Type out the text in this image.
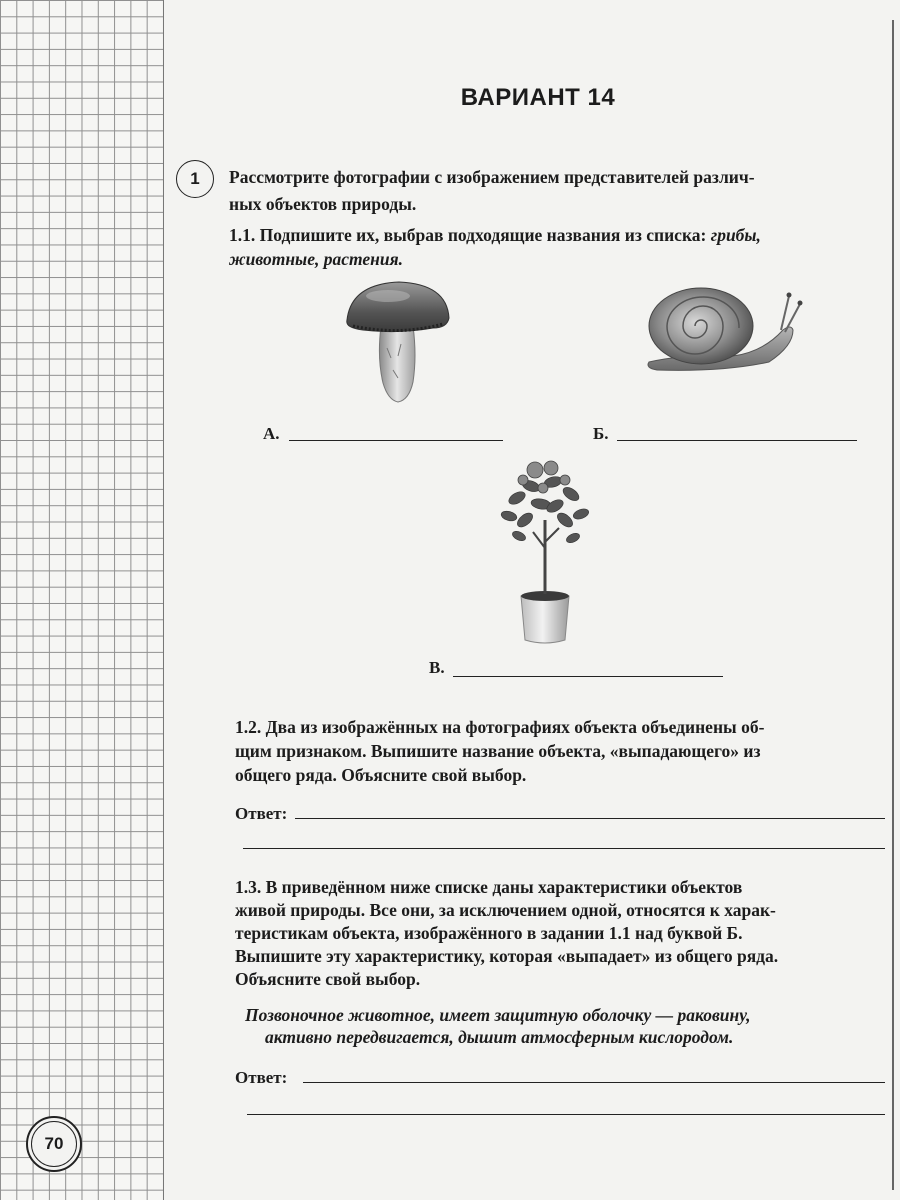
ВАРИАНТ 14
1 Рассмотрите фотографии с изображением представителей различ-
ных объектов природы.
1.1. Подпишите их, выбрав подходящие названия из списка: грибы,
животные, растения.
А.	Б.
В.
1.2. Два из изображённых на фотографиях объекта объединены об-
щим признаком. Выпишите название объекта, «выпадающего» из
общего ряда. Объясните свой выбор.
Ответ:
1.3. В приведённом ниже списке даны характеристики объектов
живой природы. Все они, за исключением одной, относятся к харак-
теристикам объекта, изображённого в задании 1.1 над буквой Б.
Выпишите эту характеристику, которая «выпадает» из общего ряда.
Объясните свой выбор.
Позвоночное животное, имеет защитную оболочку — раковину,
активно передвигается, дышит атмосферным кислородом.
Ответ:
70
